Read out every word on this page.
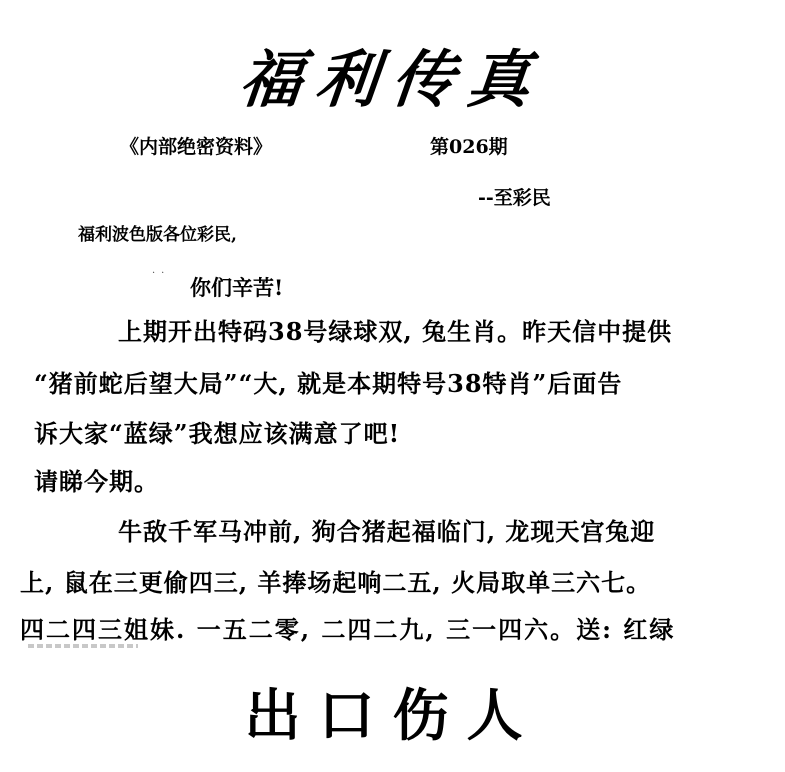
福利传真
《内部绝密资料》	第026期
--至彩民
福利波色版各位彩民,
··
你们辛苦!
上期开出特码38号绿球双, 兔生肖。昨天信中提供
“猪前蛇后望大局”“大, 就是本期特号38特肖”后面告
诉大家“蓝绿”我想应该满意了吧!
请睇今期。
牛敌千军马冲前, 狗合猪起福临门, 龙现天宫兔迎
上, 鼠在三更偷四三, 羊捧场起响二五, 火局取单三六七。
四二四三姐妹. 一五二零, 二四二九, 三一四六。送: 红绿
出口伤人
